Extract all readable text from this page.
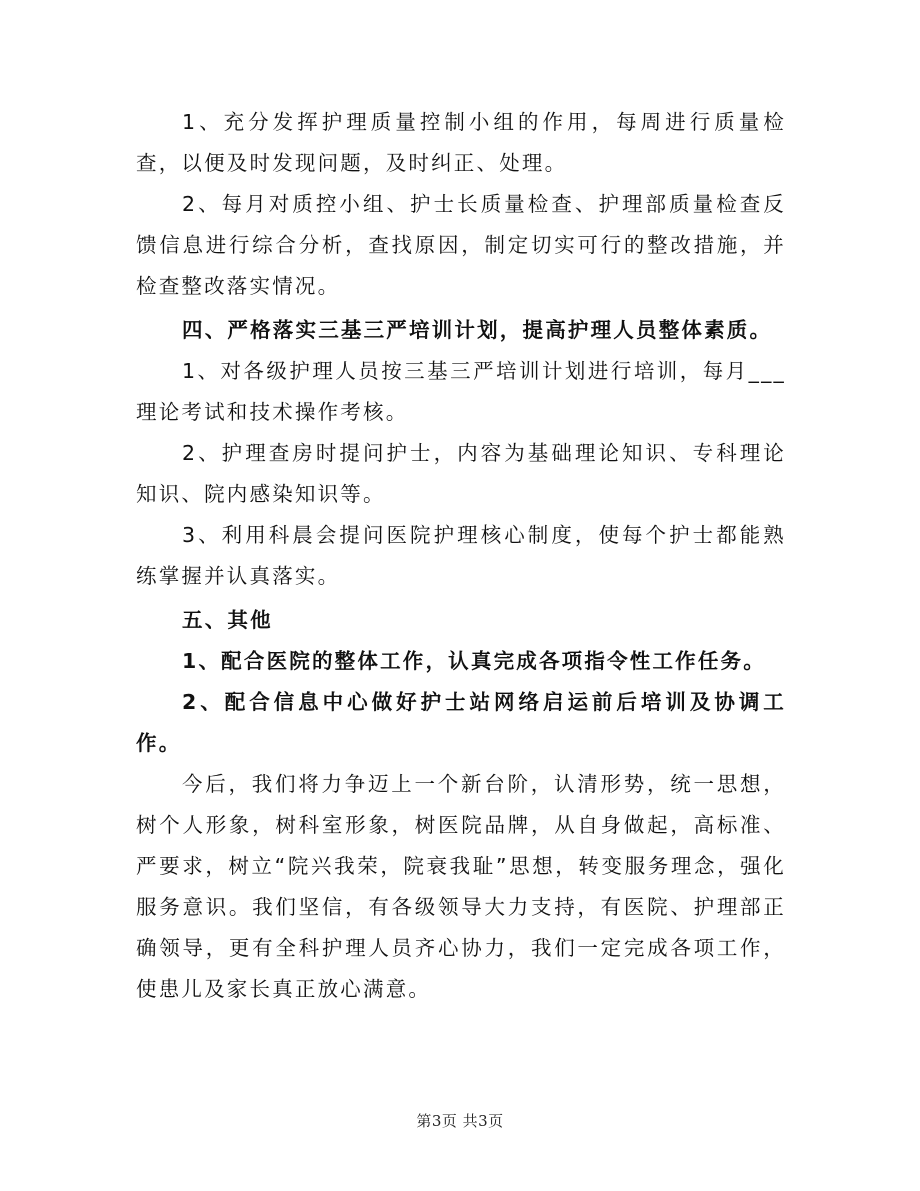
1、充分发挥护理质量控制小组的作用，每周进行质量检查，以便及时发现问题，及时纠正、处理。

2、每月对质控小组、护士长质量检查、护理部质量检查反馈信息进行综合分析，查找原因，制定切实可行的整改措施，并检查整改落实情况。

四、严格落实三基三严培训计划，提高护理人员整体素质。

1、对各级护理人员按三基三严培训计划进行培训，每月___理论考试和技术操作考核。

2、护理查房时提问护士，内容为基础理论知识、专科理论知识、院内感染知识等。

3、利用科晨会提问医院护理核心制度，使每个护士都能熟练掌握并认真落实。

五、其他

1、配合医院的整体工作，认真完成各项指令性工作任务。

2、配合信息中心做好护士站网络启运前后培训及协调工作。

今后，我们将力争迈上一个新台阶，认清形势，统一思想，树个人形象，树科室形象，树医院品牌，从自身做起，高标准、严要求，树立“院兴我荣，院衰我耻”思想，转变服务理念，强化服务意识。我们坚信，有各级领导大力支持，有医院、护理部正确领导，更有全科护理人员齐心协力，我们一定完成各项工作，使患儿及家长真正放心满意。

第3页 共3页
